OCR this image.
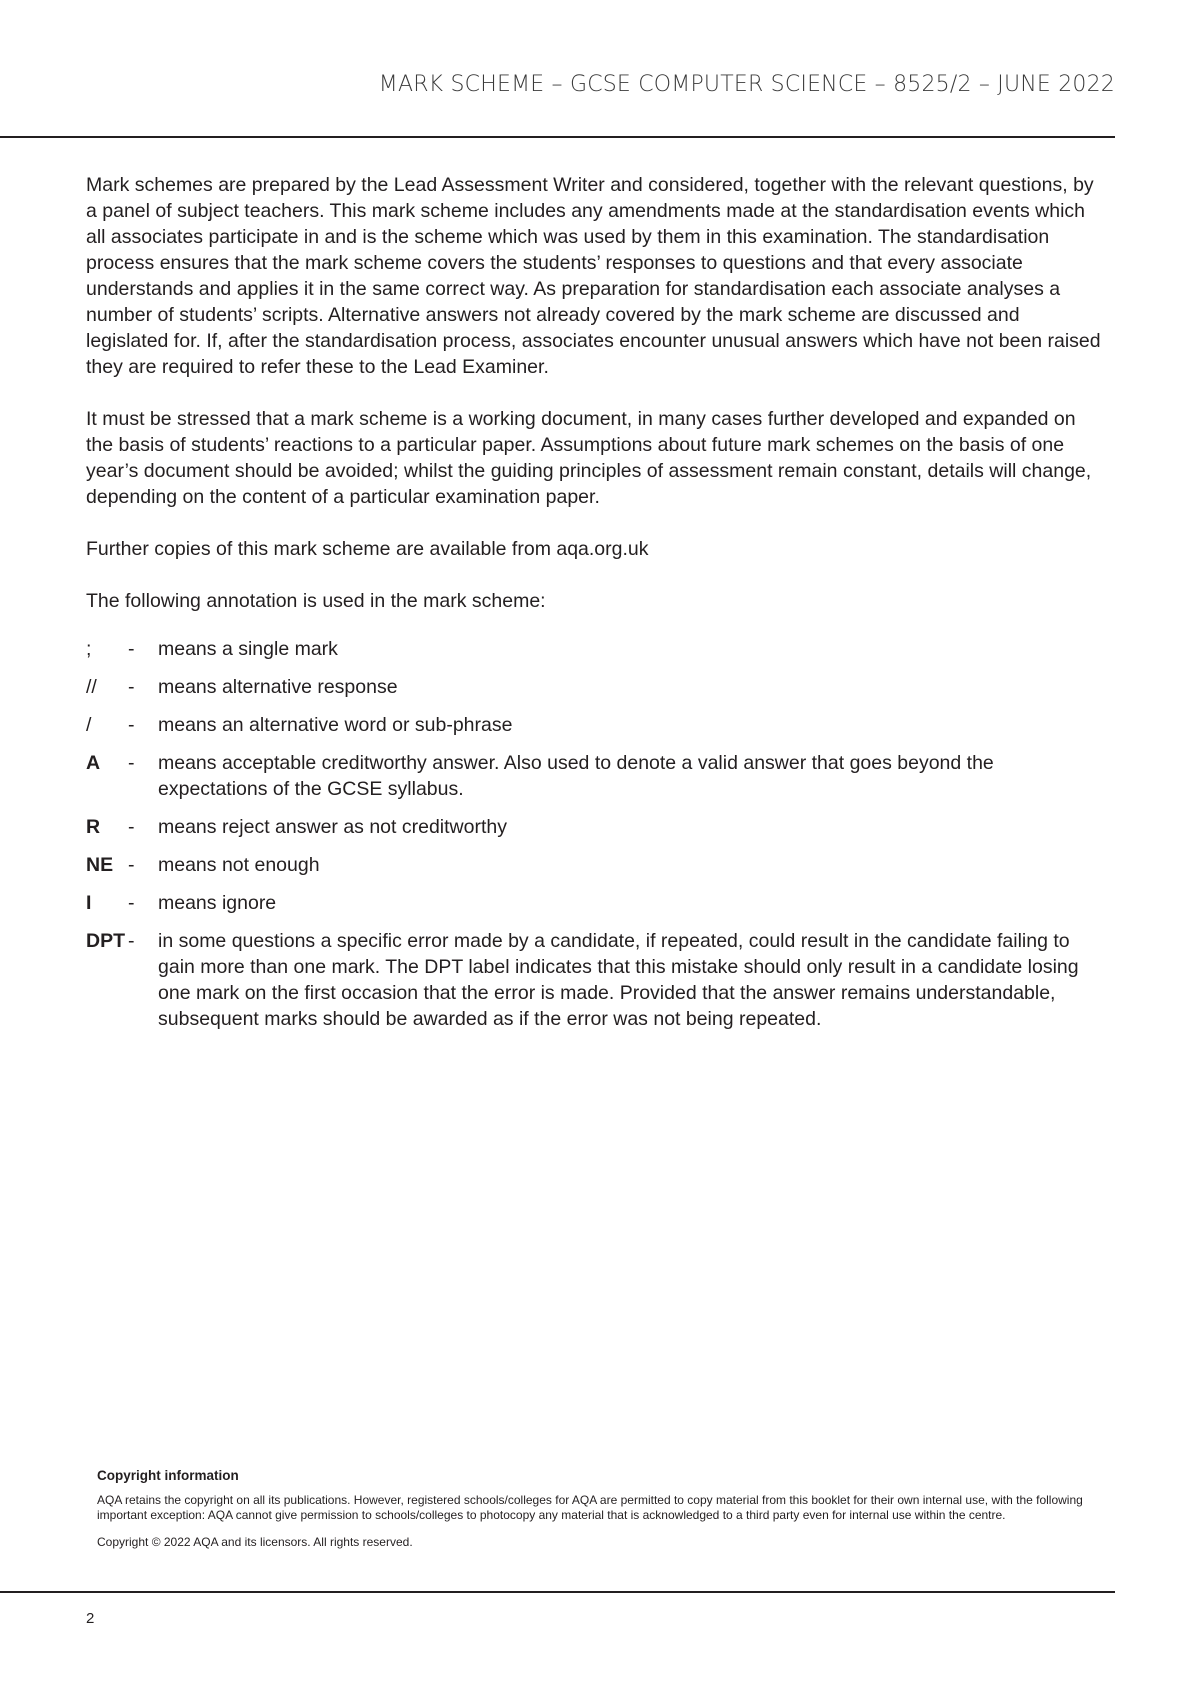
MARK SCHEME – GCSE COMPUTER SCIENCE – 8525/2 – JUNE 2022

Mark schemes are prepared by the Lead Assessment Writer and considered, together with the relevant questions, by a panel of subject teachers. This mark scheme includes any amendments made at the standardisation events which all associates participate in and is the scheme which was used by them in this examination. The standardisation process ensures that the mark scheme covers the students’ responses to questions and that every associate understands and applies it in the same correct way. As preparation for standardisation each associate analyses a number of students’ scripts. Alternative answers not already covered by the mark scheme are discussed and legislated for. If, after the standardisation process, associates encounter unusual answers which have not been raised they are required to refer these to the Lead Examiner.

It must be stressed that a mark scheme is a working document, in many cases further developed and expanded on the basis of students’ reactions to a particular paper. Assumptions about future mark schemes on the basis of one year’s document should be avoided; whilst the guiding principles of assessment remain constant, details will change, depending on the content of a particular examination paper.

Further copies of this mark scheme are available from aqa.org.uk

The following annotation is used in the mark scheme:

;	-	means a single mark
//	-	means alternative response
/	-	means an alternative word or sub-phrase
A	-	means acceptable creditworthy answer. Also used to denote a valid answer that goes beyond the expectations of the GCSE syllabus.
R	-	means reject answer as not creditworthy
NE -	means not enough
I	-	means ignore
DPT -	in some questions a specific error made by a candidate, if repeated, could result in the candidate failing to gain more than one mark. The DPT label indicates that this mistake should only result in a candidate losing one mark on the first occasion that the error is made. Provided that the answer remains understandable, subsequent marks should be awarded as if the error was not being repeated.
Copyright information
AQA retains the copyright on all its publications. However, registered schools/colleges for AQA are permitted to copy material from this booklet for their own internal use, with the following important exception: AQA cannot give permission to schools/colleges to photocopy any material that is acknowledged to a third party even for internal use within the centre.
Copyright © 2022 AQA and its licensors. All rights reserved.
2
